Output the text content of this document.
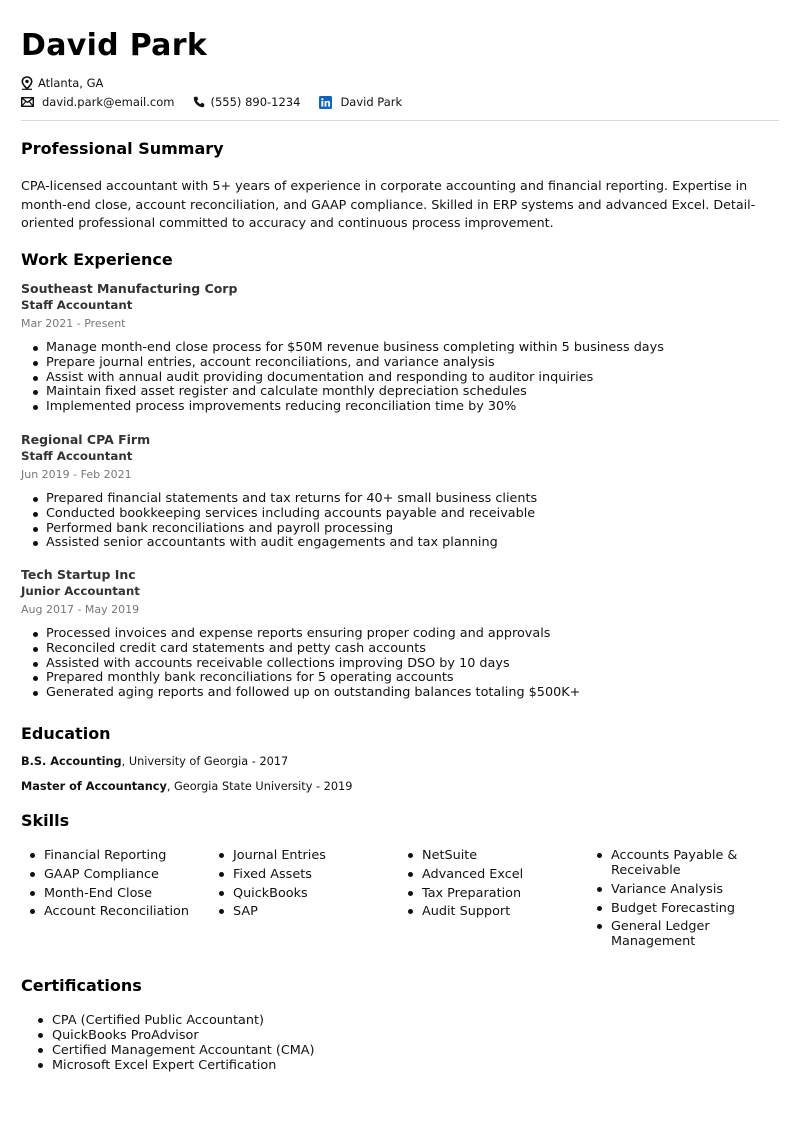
David Park
Atlanta, GA
david.park@email.com	(555) 890-1234	David Park
Professional Summary
CPA-licensed accountant with 5+ years of experience in corporate accounting and financial reporting. Expertise in month-end close, account reconciliation, and GAAP compliance. Skilled in ERP systems and advanced Excel. Detail-oriented professional committed to accuracy and continuous process improvement.
Work Experience
Southeast Manufacturing Corp
Staff Accountant
Mar 2021 - Present
Manage month-end close process for $50M revenue business completing within 5 business days
Prepare journal entries, account reconciliations, and variance analysis
Assist with annual audit providing documentation and responding to auditor inquiries
Maintain fixed asset register and calculate monthly depreciation schedules
Implemented process improvements reducing reconciliation time by 30%
Regional CPA Firm
Staff Accountant
Jun 2019 - Feb 2021
Prepared financial statements and tax returns for 40+ small business clients
Conducted bookkeeping services including accounts payable and receivable
Performed bank reconciliations and payroll processing
Assisted senior accountants with audit engagements and tax planning
Tech Startup Inc
Junior Accountant
Aug 2017 - May 2019
Processed invoices and expense reports ensuring proper coding and approvals
Reconciled credit card statements and petty cash accounts
Assisted with accounts receivable collections improving DSO by 10 days
Prepared monthly bank reconciliations for 5 operating accounts
Generated aging reports and followed up on outstanding balances totaling $500K+
Education
B.S. Accounting, University of Georgia - 2017
Master of Accountancy, Georgia State University - 2019
Skills
Financial Reporting
GAAP Compliance
Month-End Close
Account Reconciliation
Journal Entries
Fixed Assets
QuickBooks
SAP
NetSuite
Advanced Excel
Tax Preparation
Audit Support
Accounts Payable & Receivable
Variance Analysis
Budget Forecasting
General Ledger Management
Certifications
CPA (Certified Public Accountant)
QuickBooks ProAdvisor
Certified Management Accountant (CMA)
Microsoft Excel Expert Certification
